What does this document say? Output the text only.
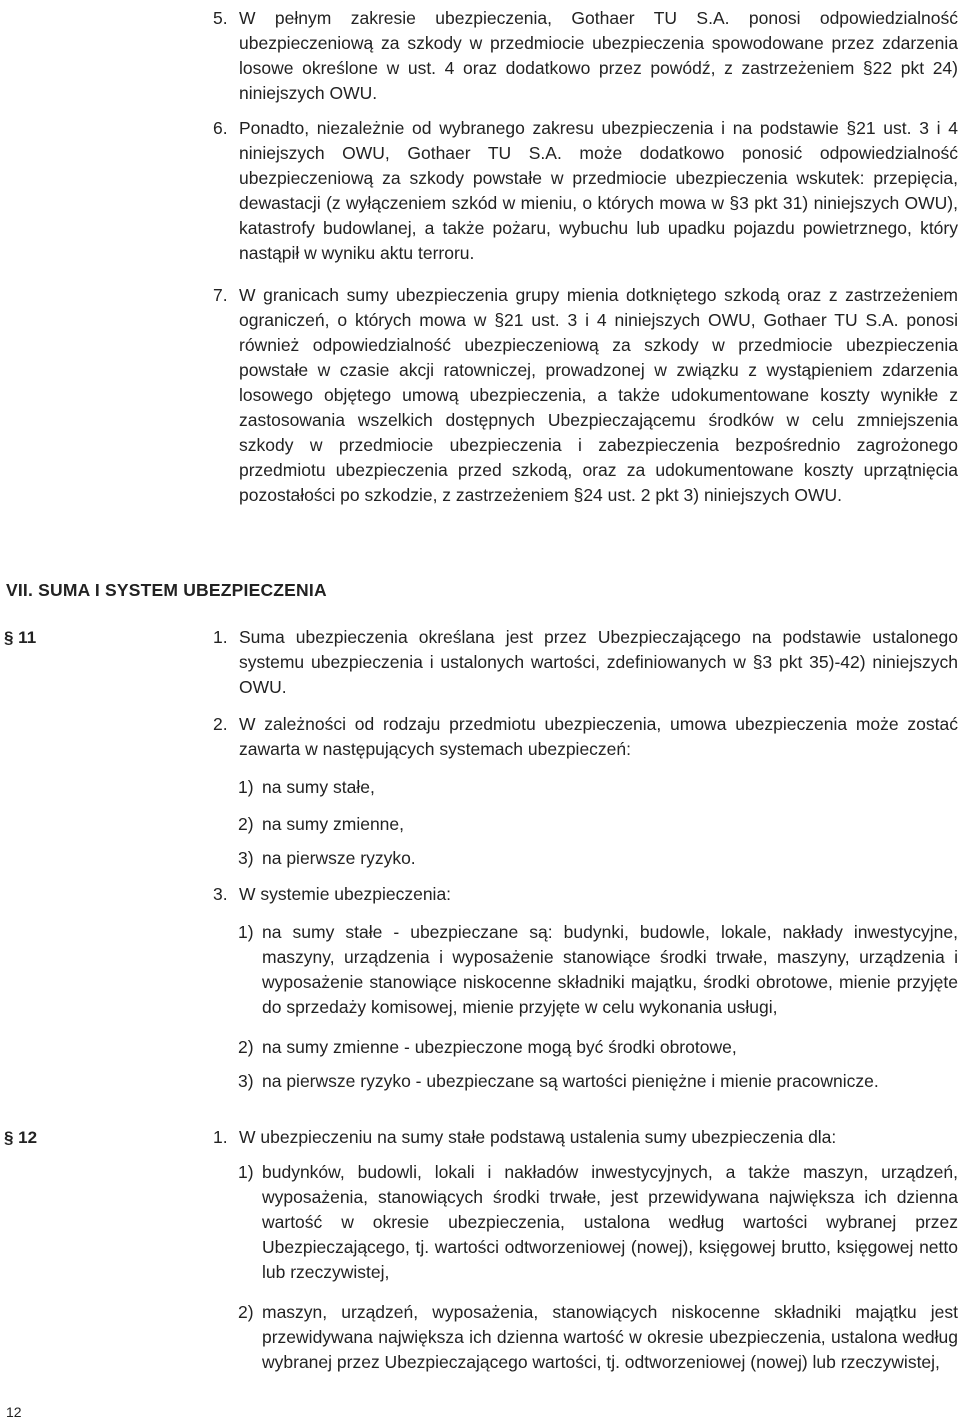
5. W pełnym zakresie ubezpieczenia, Gothaer TU S.A. ponosi odpowiedzialność ubezpieczeniową za szkody w przedmiocie ubezpieczenia spowodowane przez zdarzenia losowe określone w ust. 4 oraz dodatkowo przez powódź, z zastrzeżeniem §22 pkt 24) niniejszych OWU.
6. Ponadto, niezależnie od wybranego zakresu ubezpieczenia i na podstawie §21 ust. 3 i 4 niniejszych OWU, Gothaer TU S.A. może dodatkowo ponosić odpowiedzialność ubezpieczeniową za szkody powstałe w przedmiocie ubezpieczenia wskutek: przepięcia, dewastacji (z wyłączeniem szkód w mieniu, o których mowa w §3 pkt 31) niniejszych OWU), katastrofy budowlanej, a także pożaru, wybuchu lub upadku pojazdu powietrznego, który nastąpił w wyniku aktu terroru.
7. W granicach sumy ubezpieczenia grupy mienia dotkniętego szkodą oraz z zastrzeżeniem ograniczeń, o których mowa w §21 ust. 3 i 4 niniejszych OWU, Gothaer TU S.A. ponosi również odpowiedzialność ubezpieczeniową za szkody w przedmiocie ubezpieczenia powstałe w czasie akcji ratowniczej, prowadzonej w związku z wystąpieniem zdarzenia losowego objętego umową ubezpieczenia, a także udokumentowane koszty wynikłe z zastosowania wszelkich dostępnych Ubezpieczającemu środków w celu zmniejszenia szkody w przedmiocie ubezpieczenia i zabezpieczenia bezpośrednio zagrożonego przedmiotu ubezpieczenia przed szkodą, oraz za udokumentowane koszty uprzątnięcia pozostałości po szkodzie, z zastrzeżeniem §24 ust. 2 pkt 3) niniejszych OWU.
VII. SUMA I SYSTEM UBEZPIECZENIA
§ 11	1. Suma ubezpieczenia określana jest przez Ubezpieczającego na podstawie ustalonego systemu ubezpieczenia i ustalonych wartości, zdefiniowanych w §3 pkt 35)-42) niniejszych OWU.
2. W zależności od rodzaju przedmiotu ubezpieczenia, umowa ubezpieczenia może zostać zawarta w następujących systemach ubezpieczeń:
1) na sumy stałe,
2) na sumy zmienne,
3) na pierwsze ryzyko.
3. W systemie ubezpieczenia:
1) na sumy stałe - ubezpieczane są: budynki, budowle, lokale, nakłady inwestycyjne, maszyny, urządzenia i wyposażenie stanowiące środki trwałe, maszyny, urządzenia i wyposażenie stanowiące niskocenne składniki majątku, środki obrotowe, mienie przyjęte do sprzedaży komisowej, mienie przyjęte w celu wykonania usługi,
2) na sumy zmienne - ubezpieczone mogą być środki obrotowe,
3) na pierwsze ryzyko - ubezpieczane są wartości pieniężne i mienie pracownicze.
§ 12	1. W ubezpieczeniu na sumy stałe podstawą ustalenia sumy ubezpieczenia dla:
1) budynków, budowli, lokali i nakładów inwestycyjnych, a także maszyn, urządzeń, wyposażenia, stanowiących środki trwałe, jest przewidywana największa ich dzienna wartość w okresie ubezpieczenia, ustalona według wartości wybranej przez Ubezpieczającego, tj. wartości odtworzeniowej (nowej), księgowej brutto, księgowej netto lub rzeczywistej,
2) maszyn, urządzeń, wyposażenia, stanowiących niskocenne składniki majątku jest przewidywana największa ich dzienna wartość w okresie ubezpieczenia, ustalona według wybranej przez Ubezpieczającego wartości, tj. odtworzeniowej (nowej) lub rzeczywistej,
12
